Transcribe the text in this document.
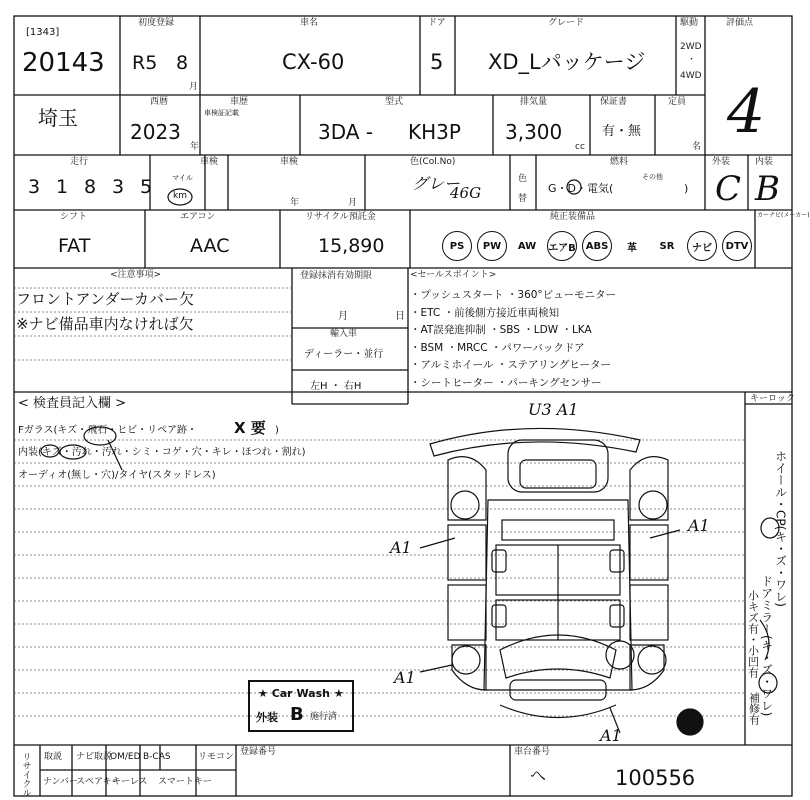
[1343]
20143
初度登録
R5 8
月
車名
CX-60
ドア
5
グレード
XD_Lパッケージ
駆動
2WD
・
4WD
評価点
4
埼玉
西暦
2023
年
車歴
車検証記載
型式
3DA - KH3P
排気量
3,300
cc
保証書
有・無
定員
名
走行
3 1 8 3 5	マイル
km
車検	車検
年	月
色(Col.No)
グレー
46G
色
替
燃料
G・D・電気(
その他
)
外装
C
内装
B
シフト
FAT
エアコン
AAC
リサイクル預託金
15,890
純正装備品	カーナビ(メーカー)
PS	PW	AW	エアB ABS	革	SR	ナビ	DTV
<注意事項>
フロントアンダーカバー欠
※ナビ備品車内なければ欠
登録抹消有効期限
月	日
輸入車
ディーラー・並行
左H ・ 右H
<セールスポイント>
・プッシュスタート ・360°ビューモニター
・ETC ・前後側方接近車両検知
・AT誤発進抑制 ・SBS ・LDW ・LKA
・BSM ・MRCC ・パワーバックドア
・アルミホイール ・ステアリングヒーター
・シートヒーター ・パーキングセンサー
< 検査員記入欄 >
Fガラス(キズ・飛石・ヒビ・リペア跡・ X 要 )
内装(キズ・汚れ・汚れ・シミ・コゲ・穴・キレ・ほつれ・割れ)
オーディオ(無し・穴)/タイヤ(スタッドレス)
キーロック
ホイール・CP(キ・ズ・ワレ)
ドアミラー(キ・ズ・ワレ)
小キズ有・小凹有
補修有
U3 A1
A1
A1
A1
A1
★ Car Wash ★
外装 B 施行済
リサイクル 取説 ナビ取説
OM/ED B-CAS	リモコン
ナンバー
スペアキー
キーレス スマートキー
登録番号	車台番号
へ	100556
